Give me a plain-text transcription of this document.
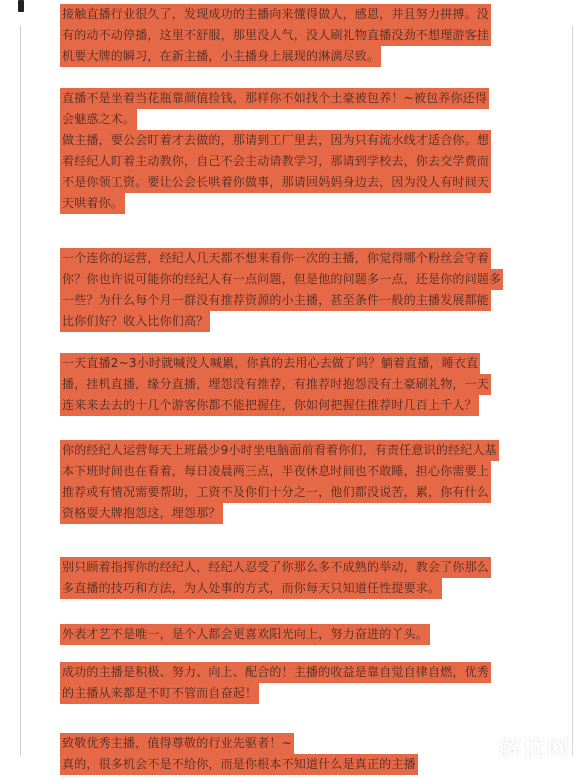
接触直播行业很久了，发现成功的主播向来懂得做人，感恩，并且努力拼搏。没
有的动不动停播，这里不舒服，那里没人气，没人刷礼物直播没劲不想理游客挂
机要大牌的瞬习，在新主播，小主播身上展现的淋漓尽致。
直播不是坐着当花瓶靠颜值捡钱，那样你不如找个土豪被包养！~被包养你还得
会魅惑之术。
做主播，要公会盯着才去做的，那请到工厂里去，因为只有流水线才适合你。想
着经纪人盯着主动教你，自己不会主动请教学习，那请到学校去，你去交学费而
不是你领工资。要让公会长哄着你做事，那请回妈妈身边去，因为没人有时间天
天哄着你。
一个连你的运营，经纪人几天都不想来看你一次的主播，你觉得哪个粉丝会守着
你？你也许说可能你的经纪人有一点问题，但是他的问题多一点，还是你的问题多
一些？为什么每个月一群没有推荐资源的小主播，甚至条件一般的主播发展都能
比你们好？收入比你们高？
一天直播2~3小时就喊没人喊累，你真的去用心去做了吗？躺着直播，睡衣直
播，挂机直播，缘分直播，埋怨没有推荐，有推荐时抱怨没有土豪刷礼物，一天
连来来去去的十几个游客你都不能把握住，你如何把握住推荐时几百上千人？
你的经纪人运营每天上班最少9小时坐电脑面前看着你们，有责任意识的经纪人基
本下班时间也在看着，每日凌晨两三点，半夜休息时间也不敢睡，担心你需要上
推荐或有情况需要帮助，工资不及你们十分之一，他们都没说苦，累，你有什么
资格耍大牌抱怨这，埋怨那？
别只顾着指挥你的经纪人，经纪人忍受了你那么多不成熟的举动，教会了你那么
多直播的技巧和方法，为人处事的方式，而你每天只知道任性提要求。
外表才艺不是唯一，是个人都会更喜欢阳光向上，努力奋进的丫头。
成功的主播是积极、努力、向上、配合的！主播的收益是靠自觉自律自燃，优秀
的主播从来都是不盯不管而自奋起！
致敬优秀主播，值得尊敬的行业先驱者！~
真的，很多机会不是不给你，而是你根本不知道什么是真正的主播
解忧网
YYESH.COM
